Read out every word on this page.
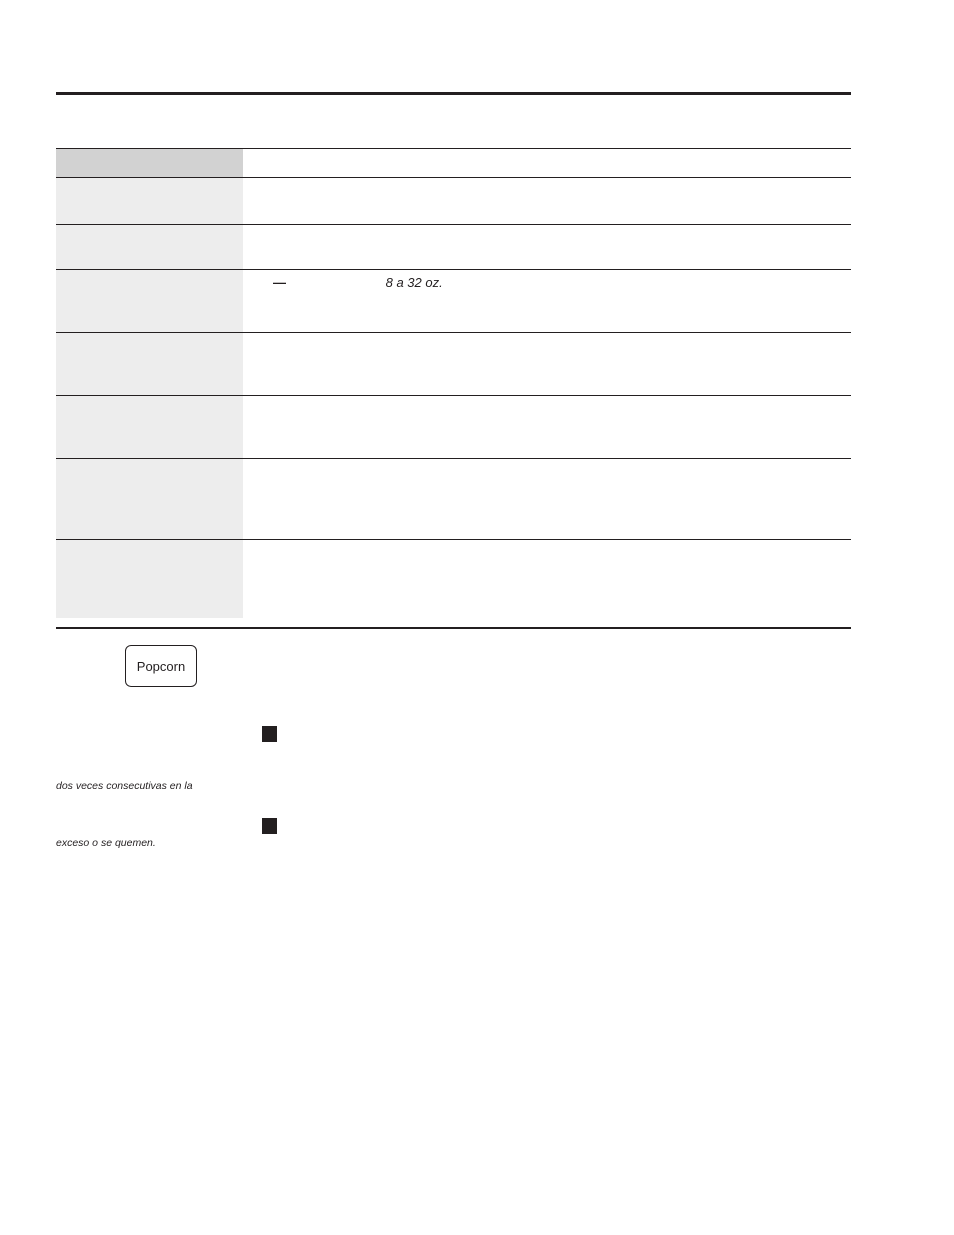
—	8 a 32 oz.
Popcorn
dos veces consecutivas en la
exceso o se quemen.
